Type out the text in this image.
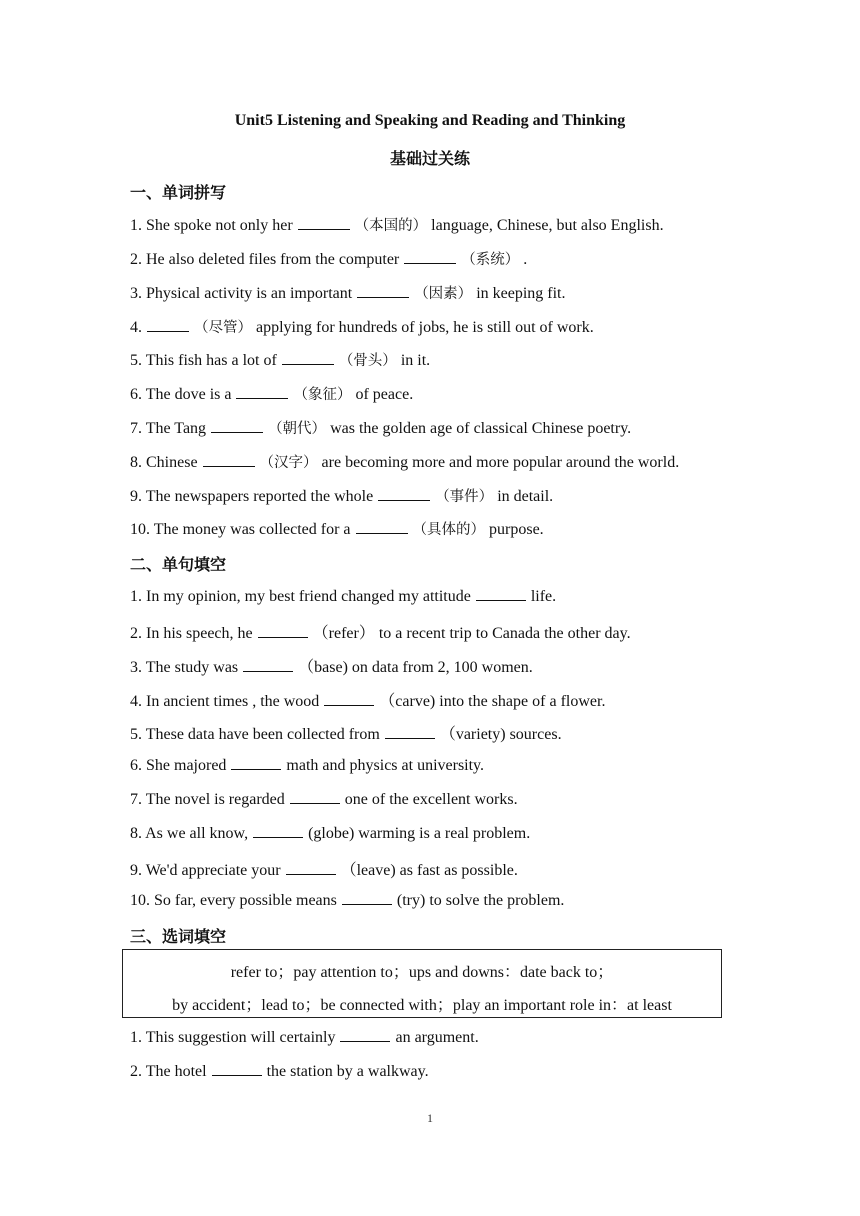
Unit5 Listening and Speaking and Reading and Thinking
基础过关练
一、单词拼写
1. She spoke not only her	（本国的） language, Chinese, but also English.
2. He also deleted files from the computer	（系统） .
3. Physical activity is an important	（因素） in keeping fit.
4.	（尽管） applying for hundreds of jobs, he is still out of work.
5. This fish has a lot of	（骨头） in it.
6. The dove is a	（象征） of peace.
7. The Tang	（朝代） was the golden age of classical Chinese poetry.
8. Chinese	（汉字） are becoming more and more popular around the world.
9. The newspapers reported the whole	（事件） in detail.
10. The money was collected for a	（具体的） purpose.
二、单句填空
1. In my opinion, my best friend changed my attitude	life.
2. In his speech, he	（refer） to a recent trip to Canada the other day.
3. The study was	（base) on data from 2, 100 women.
4. In ancient times , the wood	（carve) into the shape of a flower.
5. These data have been collected from	（variety) sources.
6. She majored	math and physics at university.
7. The novel is regarded	one of the excellent works.
8. As we all know,	(globe) warming is a real problem.
9. We'd appreciate your	（leave) as fast as possible.
10. So far, every possible means	(try) to solve the problem.
三、选词填空
refer to；pay attention to；ups and downs：date back to；
by accident；lead to；be connected with；play an important role in：at least
1. This suggestion will certainly	an argument.
2. The hotel	the station by a walkway.
1
